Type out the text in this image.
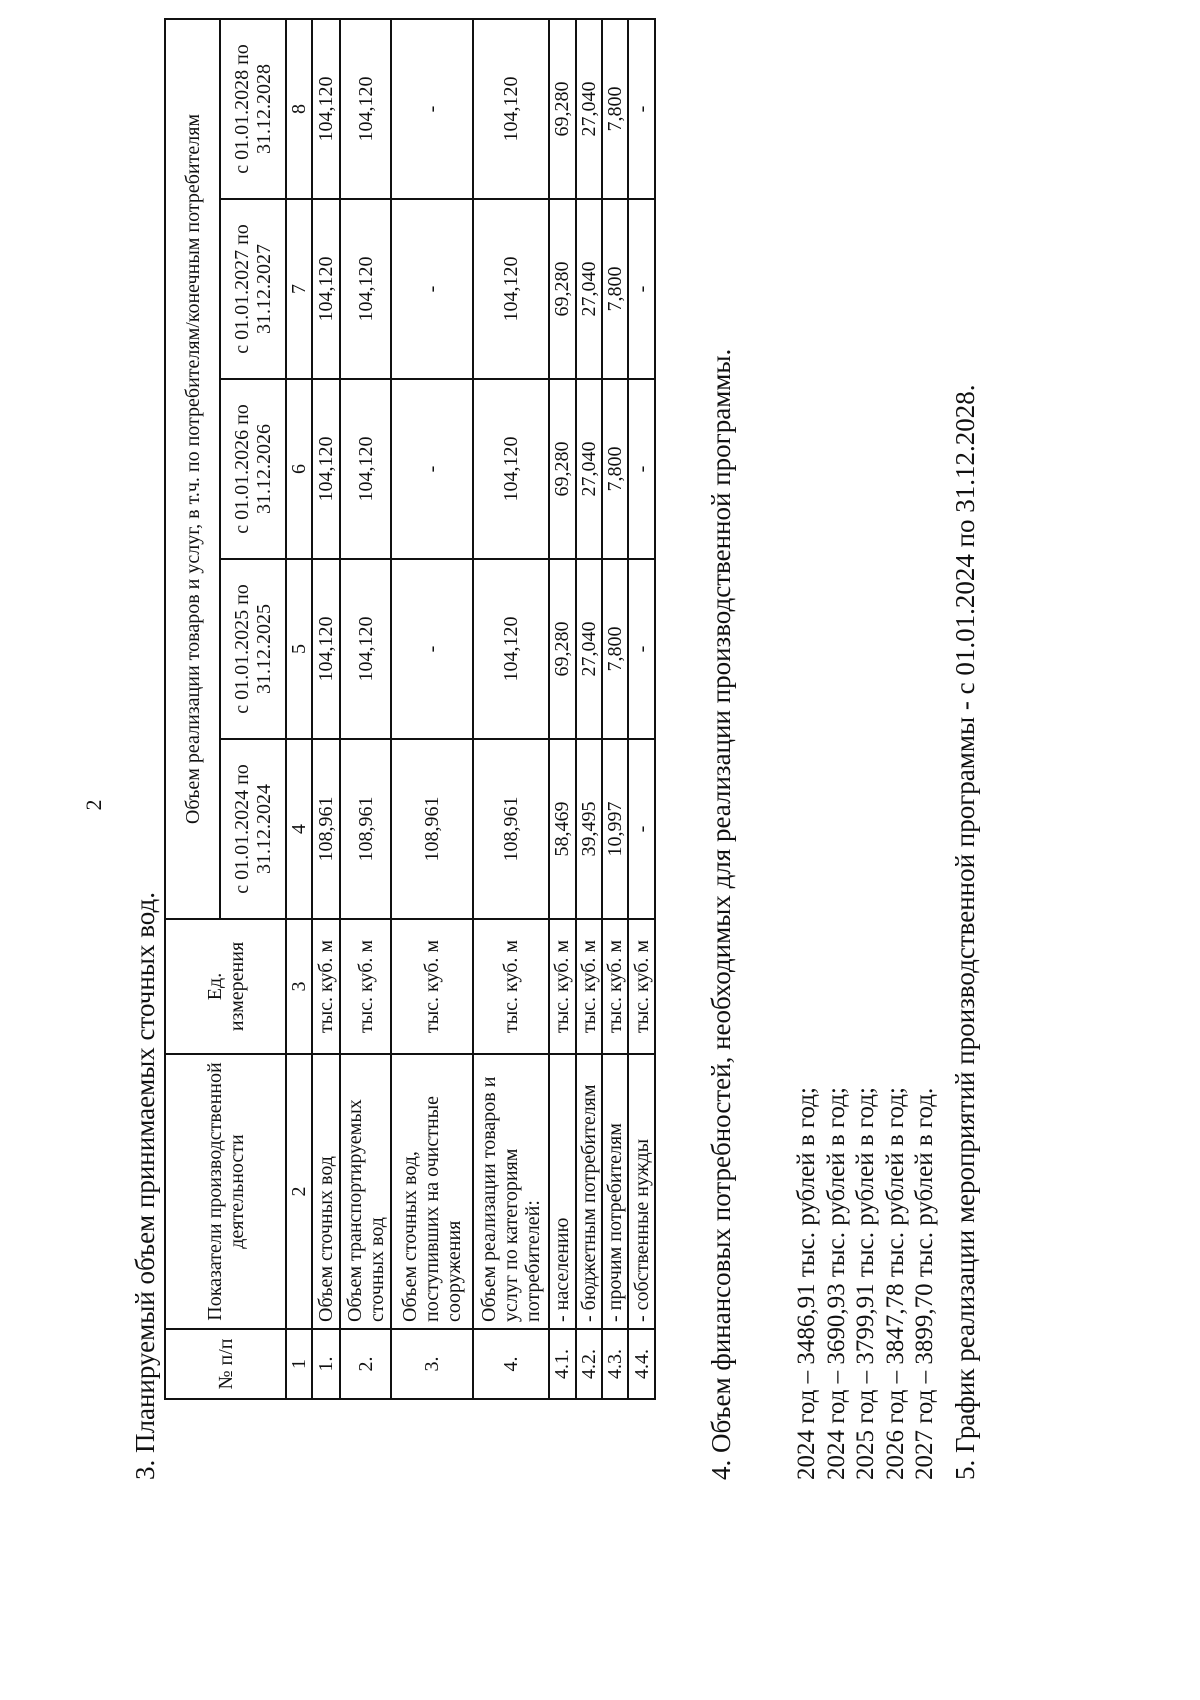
2
3. Планируемый объем принимаемых сточных вод.	№ п/п	Показатели производственной деятельности	Ед. измерения	Объем реализации товаров и услуг, в т.ч. по потребителям/конечным потребителям				
			с 01.01.2024 по 31.12.2024	с 01.01.2025 по 31.12.2025	с 01.01.2026 по 31.12.2026	с 01.01.2027 по 31.12.2027	с 01.01.2028 по 31.12.2028
1	2	3	4	5	6	7	8
1.	Объем сточных вод	тыс. куб. м	108,961	104,120	104,120	104,120	104,120
2.	Объем транспортируемых сточных вод	тыс. куб. м	108,961	104,120	104,120	104,120	104,120
3.	Объем сточных вод, поступивших на очистные сооружения	тыс. куб. м	108,961	-	-	-	-
4.	Объем реализации товаров и услуг по категориям потребителей:	тыс. куб. м	108,961	104,120	104,120	104,120	104,120
4.1.	- населению	тыс. куб. м	58,469	69,280	69,280	69,280	69,280
4.2.	- бюджетным потребителям	тыс. куб. м	39,495	27,040	27,040	27,040	27,040
4.3.	- прочим потребителям	тыс. куб. м	10,997	7,800	7,800	7,800	7,800
4.4.	- собственные нужды	тыс. куб. м	-	-	-	-	-
4. Объем финансовых потребностей, необходимых для реализации производственной программы. 2024 год – 3486,91 тыс. рублей в год; 2024 год – 3690,93 тыс. рублей в год; 2025 год – 3799,91 тыс. рублей в год; 2026 год – 3847,78 тыс. рублей в год; 2027 год – 3899,70 тыс. рублей в год. 5. График реализации мероприятий производственной программы - с 01.01.2024 по 31.12.2028.
